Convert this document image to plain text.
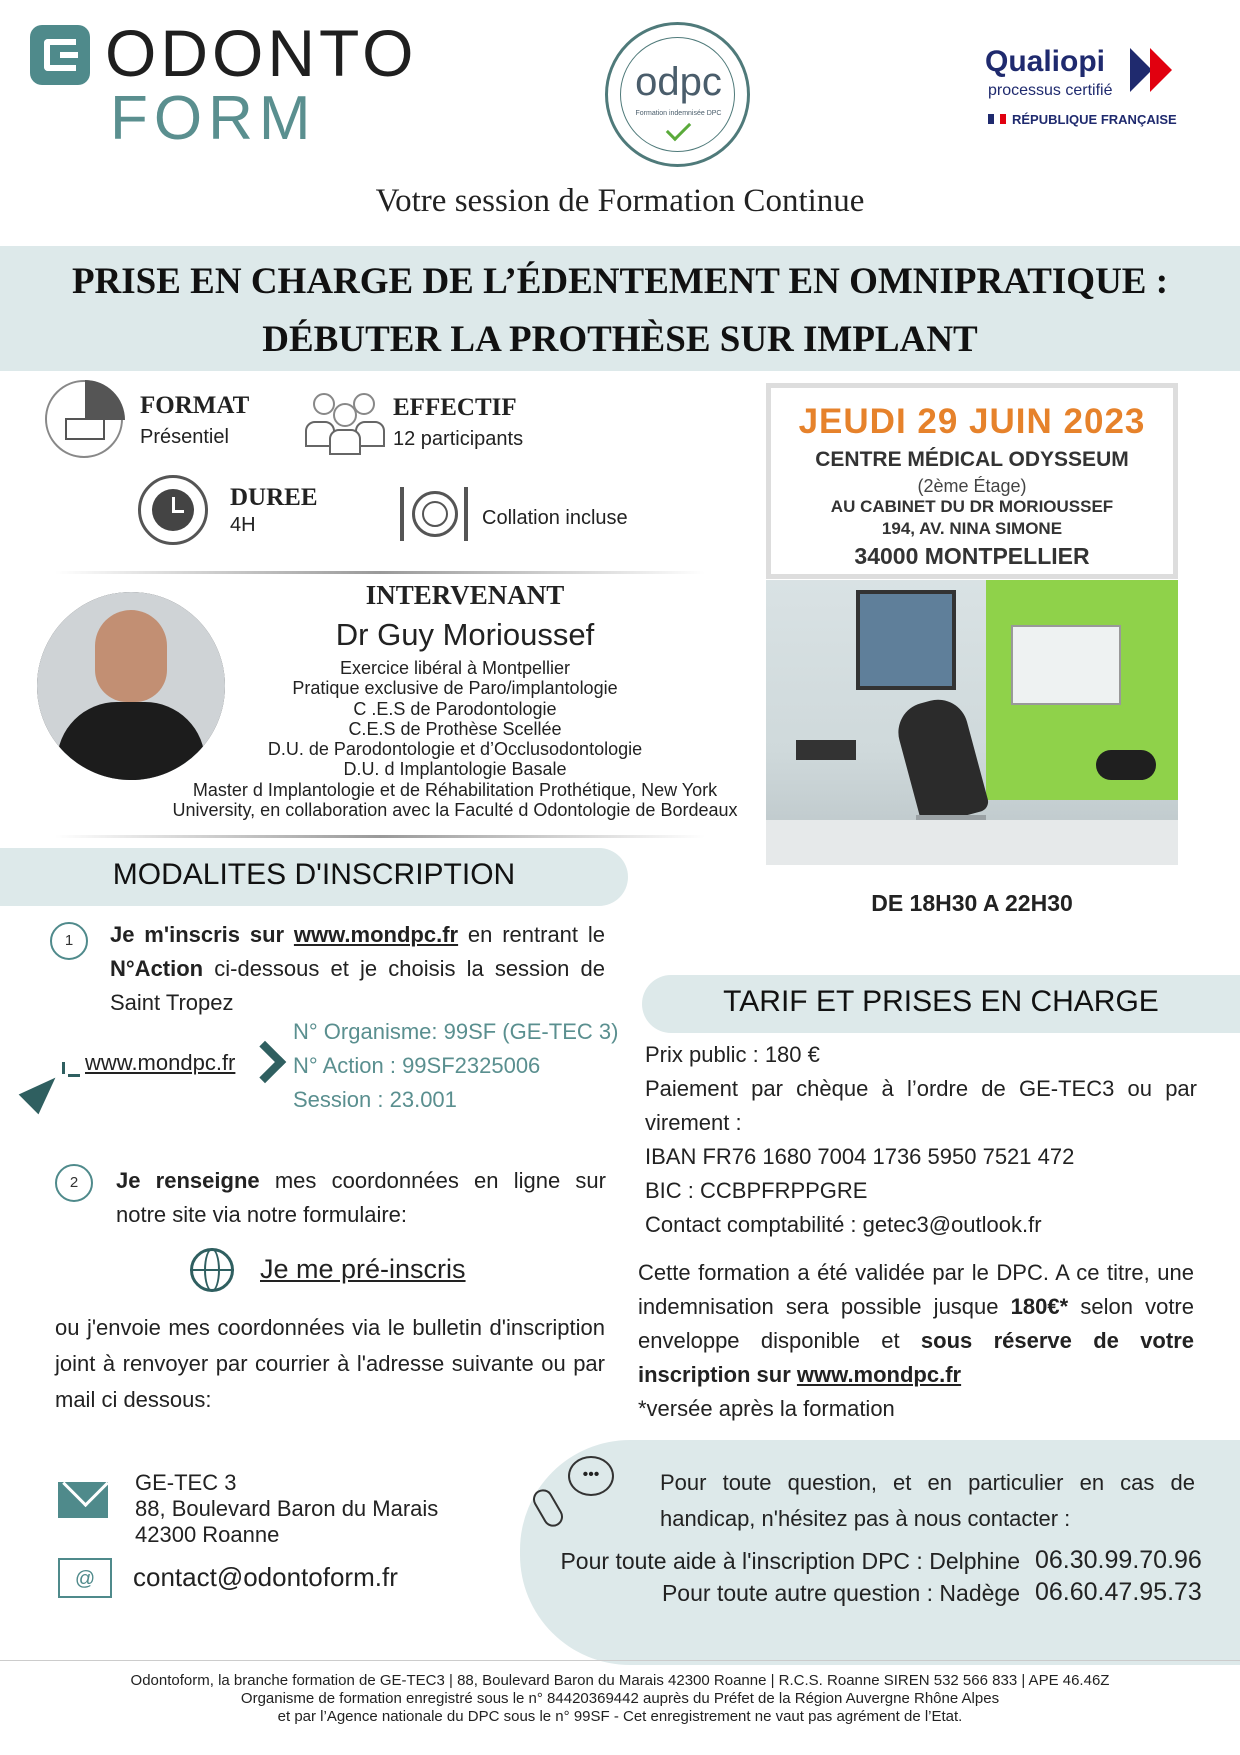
ODONTO
FORM
odpc
Formation indemnisée DPC
Qualiopi
processus certifié
RÉPUBLIQUE FRANÇAISE
Votre session de Formation Continue
PRISE EN CHARGE DE L’ÉDENTEMENT EN OMNIPRATIQUE :
DÉBUTER LA PROTHÈSE SUR IMPLANT
FORMAT
Présentiel
EFFECTIF
12 participants
DUREE
4H	Collation incluse
JEUDI 29 JUIN 2023
CENTRE MÉDICAL ODYSSEUM
(2ème Étage)
AU CABINET DU DR MORIOUSSEF
194, AV. NINA SIMONE
34000 MONTPELLIER
DE 18H30 A 22H30
INTERVENANT
Dr Guy Morioussef
Exercice libéral à Montpellier
Pratique exclusive de Paro/implantologie
C .E.S de Parodontologie
C.E.S de Prothèse Scellée
D.U. de Parodontologie et d’Occlusodontologie
D.U. d Implantologie Basale
Master d Implantologie et de Réhabilitation Prothétique, New York
University, en collaboration avec la Faculté d Odontologie de Bordeaux
MODALITES D'INSCRIPTION
1	Je m'inscris sur www.mondpc.fr en rentrant le N°Action ci-dessous et je choisis la session de Saint Tropez
www.mondpc.fr
N° Organisme: 99SF (GE-TEC 3)
N° Action : 99SF2325006
Session : 23.001
2	Je renseigne mes coordonnées en ligne sur notre site via notre formulaire:
Je me pré-inscris
ou j'envoie mes coordonnées via le bulletin d'inscription joint à renvoyer par courrier à l'adresse suivante ou par mail ci dessous:
GE-TEC 3
88, Boulevard Baron du Marais
42300 Roanne
@	contact@odontoform.fr
TARIF ET PRISES EN CHARGE
Prix public : 180 €
Paiement par chèque à l’ordre de GE-TEC3 ou par virement :
IBAN FR76 1680 7004 1736 5950 7521 472
BIC : CCBPFRPPGRE
Contact comptabilité : getec3@outlook.fr
Cette formation a été validée par le DPC. A ce titre, une indemnisation sera possible jusque 180€* selon votre enveloppe disponible et sous réserve de votre inscription sur www.mondpc.fr
*versée après la formation
•••	Pour toute question, et en particulier en cas de handicap, n'hésitez pas à nous contacter :
Pour toute aide à l'inscription DPC : Delphine 06.30.99.70.96
Pour toute autre question : Nadège 06.60.47.95.73
Odontoform, la branche formation de GE-TEC3 | 88, Boulevard Baron du Marais 42300 Roanne | R.C.S. Roanne SIREN 532 566 833 | APE 46.46Z
Organisme de formation enregistré sous le n° 84420369442 auprès du Préfet de la Région Auvergne Rhône Alpes
et par l’Agence nationale du DPC sous le n° 99SF - Cet enregistrement ne vaut pas agrément de l’Etat.
